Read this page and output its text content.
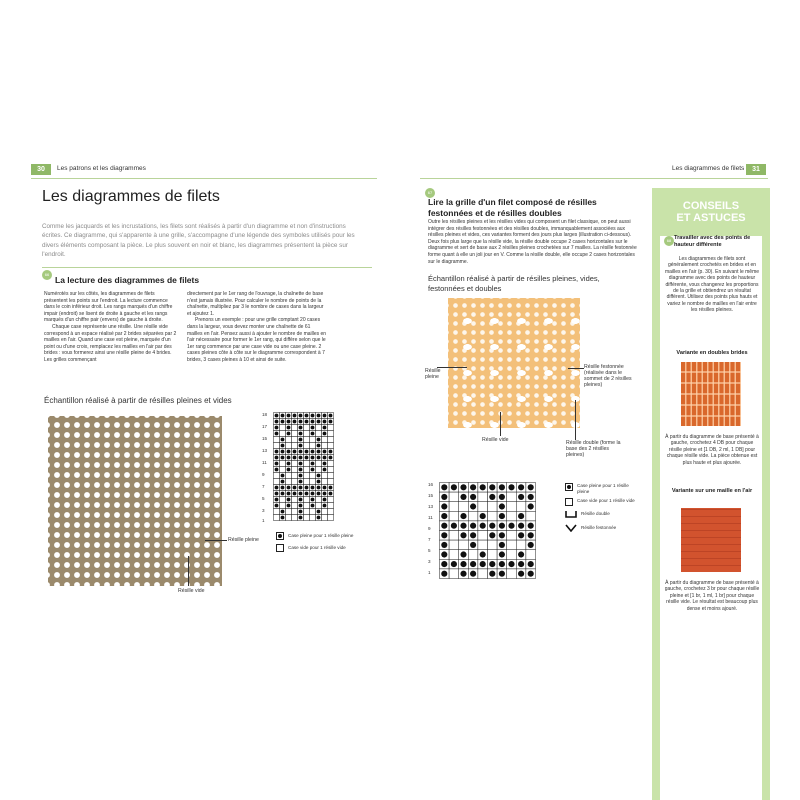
30	Les patrons et les diagrammes
Les diagrammes de filets
Comme les jacquards et les incrustations, les filets sont réalisés à partir d'un diagramme et non d'instructions écrites. Ce diagramme, qui s'apparente à une grille, s'accompagne d'une légende des symboles utilisés pour les divers éléments composant la pièce. Le plus souvent en noir et blanc, les diagrammes présentent la pièce sur l'endroit.
66
La lecture des diagrammes de filets
Numérotés sur les côtés, les diagrammes de filets présentent les points sur l'endroit. La lecture commence dans le coin inférieur droit. Les rangs marqués d'un chiffre impair (endroit) se lisent de droite à gauche et les rangs marqués d'un chiffre pair (envers) de gauche à droite.
Chaque case représente une résille. Une résille vide correspond à un espace réalisé par 2 brides séparées par 2 mailles en l'air. Quand une case est pleine, marquée d'un point ou d'une croix, remplacez les mailles en l'air par des brides : vous formerez ainsi une résille pleine de 4 brides. Les grilles commençant
directement par le 1er rang de l'ouvrage, la chaînette de base n'est jamais illustrée. Pour calculer le nombre de points de la chaînette, multipliez par 3 le nombre de cases dans la largeur et ajoutez 1.
Prenons un exemple : pour une grille comptant 20 cases dans la largeur, vous devez monter une chaînette de 61 mailles en l'air. Pensez aussi à ajouter le nombre de mailles en l'air nécessaire pour former le 1er rang, qui diffère selon que le 1er rang commence par une case vide ou une case pleine. 2 cases pleines côte à côte sur le diagramme correspondent à 7 brides, 3 cases pleines à 10 et ainsi de suite.
Échantillon réalisé à partir de résilles pleines et vides
Résille pleine
Résille vide
18
17
15
13
11
9
7
5
3
1
Case pleine pour 1 résille pleine
Case vide pour 1 résille vide
Les diagrammes de filets	31
67
Lire la grille d'un filet composé de résilles festonnées et de résilles doubles
Outre les résilles pleines et les résilles vides qui composent un filet classique, on peut aussi intégrer des résilles festonnées et des résilles doubles, immanquablement associées aux résilles pleines et vides, ces variantes forment des jours plus larges (illustration ci-dessous). Deux fois plus large que la résille vide, la résille double occupe 2 cases horizontales sur le diagramme et sert de base aux 2 résilles pleines crochetées sur 7 mailles. La résille festonnée forme quant à elle un joli jour en V. Comme la résille double, elle occupe 2 cases horizontales sur le diagramme.
Échantillon réalisé à partir de résilles pleines, vides, festonnées et doubles
Résille pleine
Résille festonnée (réalisée dans le sommet de 2 résilles pleines)
Résille vide	Résille double (forme la base des 2 résilles pleines)
16
15
13
11
9
7
5
3
1
Case pleine pour 1 résille pleine
Case vide pour 1 résille vide
Résille double
Résille festonnée
CONSEILS
ET ASTUCES
68 Travailler avec des points de hauteur différente
Les diagrammes de filets sont généralement crochetés en brides et en mailles en l'air (p. 30). En suivant le même diagramme avec des points de hauteur différente, vous changerez les proportions de la grille et obtiendrez un résultat différent. Utilisez des points plus hauts et variez le nombre de mailles en l'air entre les résilles pleines.
Variante en doubles brides
À partir du diagramme de base présenté à gauche, crochetez 4 DB pour chaque résille pleine et [1 DB, 2 ml, 1 DB] pour chaque résille vide. La pièce obtenue est plus haute et plus ajourée.
Variante sur une maille en l'air
À partir du diagramme de base présenté à gauche, crochetez 3 br pour chaque résille pleine et [1 br, 1 ml, 1 br] pour chaque résille vide. Le résultat est beaucoup plus dense et moins ajouré.
